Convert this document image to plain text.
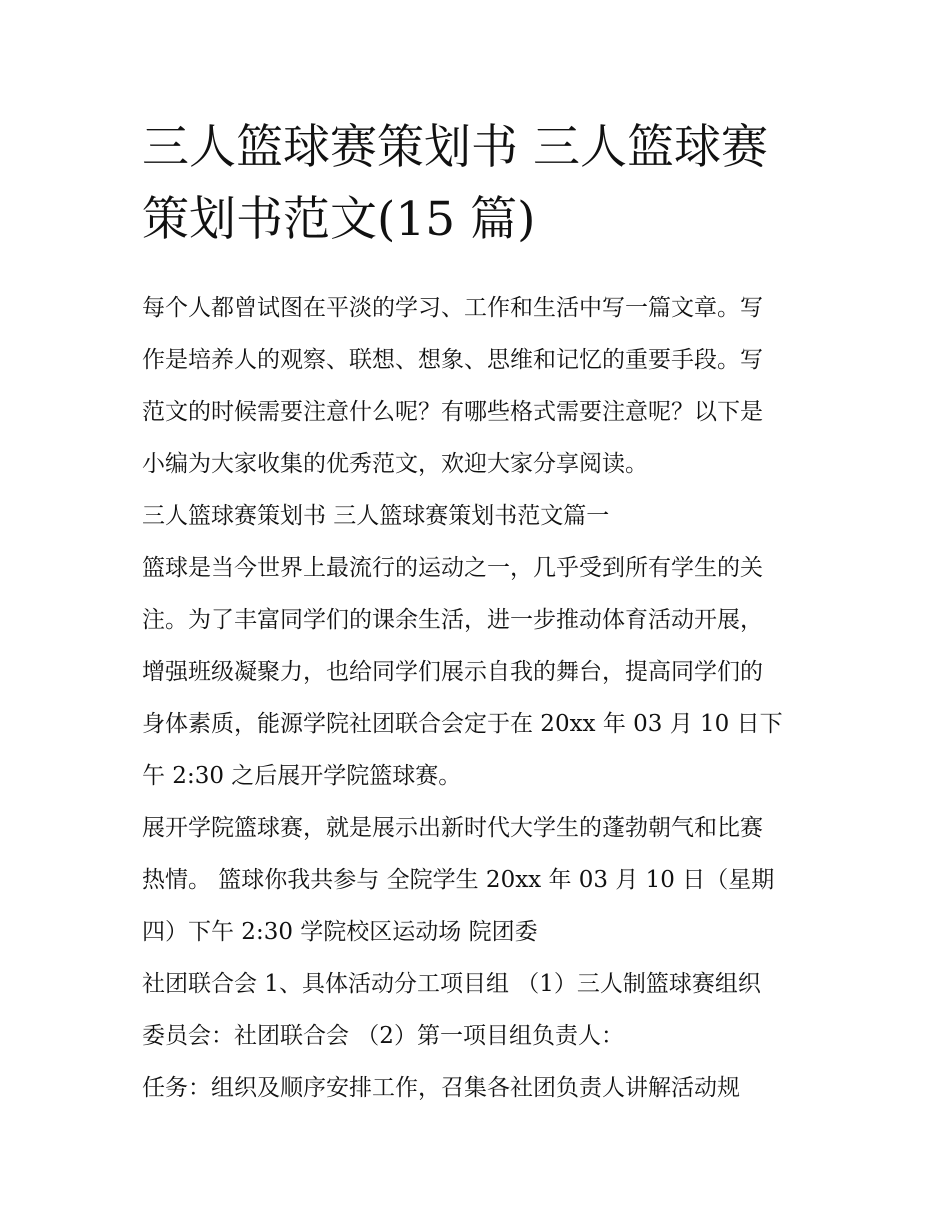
三人篮球赛策划书 三人篮球赛
策划书范文(15 篇)
每个人都曾试图在平淡的学习、工作和生活中写一篇文章。写
作是培养人的观察、联想、想象、思维和记忆的重要手段。写
范文的时候需要注意什么呢？有哪些格式需要注意呢？以下是
小编为大家收集的优秀范文，欢迎大家分享阅读。
三人篮球赛策划书 三人篮球赛策划书范文篇一
篮球是当今世界上最流行的运动之一，几乎受到所有学生的关
注。为了丰富同学们的课余生活，进一步推动体育活动开展，
增强班级凝聚力，也给同学们展示自我的舞台，提高同学们的
身体素质，能源学院社团联合会定于在 20xx 年 03 月 10 日下
午 2:30 之后展开学院篮球赛。
展开学院篮球赛，就是展示出新时代大学生的蓬勃朝气和比赛
热情。 篮球你我共参与 全院学生 20xx 年 03 月 10 日（星期
四）下午 2:30 学院校区运动场 院团委
社团联合会 1、具体活动分工项目组 （1）三人制篮球赛组织
委员会：社团联合会 （2）第一项目组负责人：
任务：组织及顺序安排工作，召集各社团负责人讲解活动规
